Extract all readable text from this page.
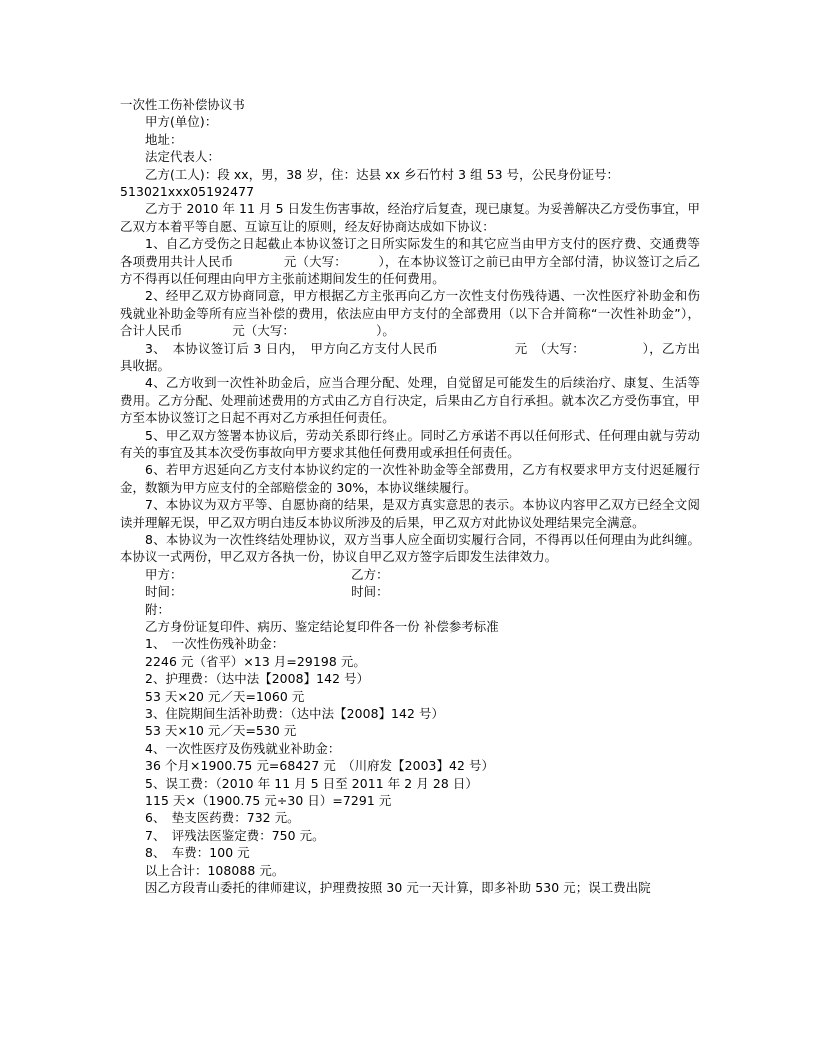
一次性工伤补偿协议书
甲方(单位)：
地址：
法定代表人：
乙方(工人)：段 xx，男，38 岁，住：达县 xx 乡石竹村 3 组 53 号，公民身份证号：
513021xxx05192477
乙方于 2010 年 11 月 5 日发生伤害事故，经治疗后复查，现已康复。为妥善解决乙方受伤事宜，甲乙双方本着平等自愿、互谅互让的原则，经友好协商达成如下协议：
1、自乙方受伤之日起截止本协议签订之日所实际发生的和其它应当由甲方支付的医疗费、交通费等各项费用共计人民币　　　　元（大写：　　　），在本协议签订之前已由甲方全部付清，协议签订之后乙方不得再以任何理由向甲方主张前述期间发生的任何费用。
2、经甲乙双方协商同意，甲方根据乙方主张再向乙方一次性支付伤残待遇、一次性医疗补助金和伤残就业补助金等所有应当补偿的费用，依法应由甲方支付的全部费用（以下合并简称“一次性补助金”），合计人民币　　　　元（大写：　　　　　　　）。
3、　本协议签订后 3 日内，　甲方向乙方支付人民币　　　　　　元　（大写：　　　　　），乙方出具收据。
4、乙方收到一次性补助金后，应当合理分配、处理，自觉留足可能发生的后续治疗、康复、生活等费用。乙方分配、处理前述费用的方式由乙方自行决定，后果由乙方自行承担。就本次乙方受伤事宜，甲方至本协议签订之日起不再对乙方承担任何责任。
5、甲乙双方签署本协议后，劳动关系即行终止。同时乙方承诺不再以任何形式、任何理由就与劳动有关的事宜及其本次受伤事故向甲方要求其他任何费用或承担任何责任。
6、若甲方迟延向乙方支付本协议约定的一次性补助金等全部费用，乙方有权要求甲方支付迟延履行金，数额为甲方应支付的全部赔偿金的 30%，本协议继续履行。
7、本协议为双方平等、自愿协商的结果，是双方真实意思的表示。本协议内容甲乙双方已经全文阅读并理解无误，甲乙双方明白违反本协议所涉及的后果，甲乙双方对此协议处理结果完全满意。
8、本协议为一次性终结处理协议，双方当事人应全面切实履行合同，不得再以任何理由为此纠缠。本协议一式两份，甲乙双方各执一份，协议自甲乙双方签字后即发生法律效力。
甲方：　　　　　　　　　　　　　　乙方：
时间：　　　　　　　　　　　　　　时间：
附：
乙方身份证复印件、病历、鉴定结论复印件各一份 补偿参考标准
1、　一次性伤残补助金：
2246 元（省平）×13 月=29198 元。
2、护理费：（达中法【2008】142 号）
53 天×20 元／天=1060 元
3、住院期间生活补助费：（达中法【2008】142 号）
53 天×10 元／天=530 元
4、一次性医疗及伤残就业补助金：
36 个月×1900.75 元=68427 元　（川府发【2003】42 号）
5、误工费：（2010 年 11 月 5 日至 2011 年 2 月 28 日）
115 天×（1900.75 元÷30 日）=7291 元
6、　垫支医药费：732 元。
7、　评残法医鉴定费：750 元。
8、　车费：100 元
以上合计：108088 元。
因乙方段青山委托的律师建议，护理费按照 30 元一天计算，即多补助 530 元；误工费出院
